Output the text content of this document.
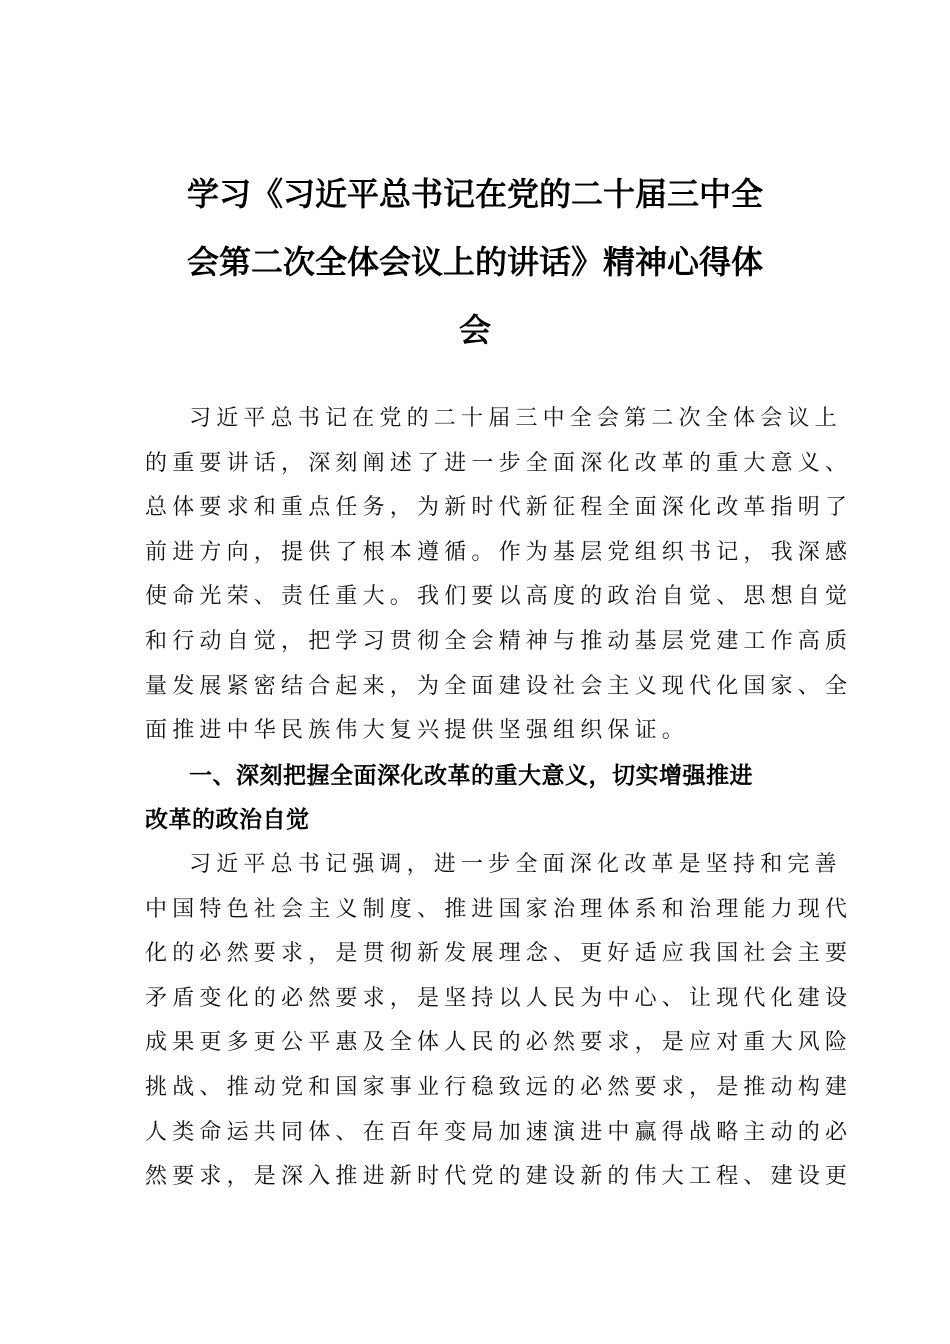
学习《习近平总书记在党的二十届三中全
会第二次全体会议上的讲话》精神心得体
会
习近平总书记在党的二十届三中全会第二次全体会议上
的重要讲话，深刻阐述了进一步全面深化改革的重大意义、
总体要求和重点任务，为新时代新征程全面深化改革指明了
前进方向，提供了根本遵循。作为基层党组织书记，我深感
使命光荣、责任重大。我们要以高度的政治自觉、思想自觉
和行动自觉，把学习贯彻全会精神与推动基层党建工作高质
量发展紧密结合起来，为全面建设社会主义现代化国家、全
面推进中华民族伟大复兴提供坚强组织保证。
一、深刻把握全面深化改革的重大意义，切实增强推进
改革的政治自觉
习近平总书记强调，进一步全面深化改革是坚持和完善
中国特色社会主义制度、推进国家治理体系和治理能力现代
化的必然要求，是贯彻新发展理念、更好适应我国社会主要
矛盾变化的必然要求，是坚持以人民为中心、让现代化建设
成果更多更公平惠及全体人民的必然要求，是应对重大风险
挑战、推动党和国家事业行稳致远的必然要求，是推动构建
人类命运共同体、在百年变局加速演进中赢得战略主动的必
然要求，是深入推进新时代党的建设新的伟大工程、建设更
